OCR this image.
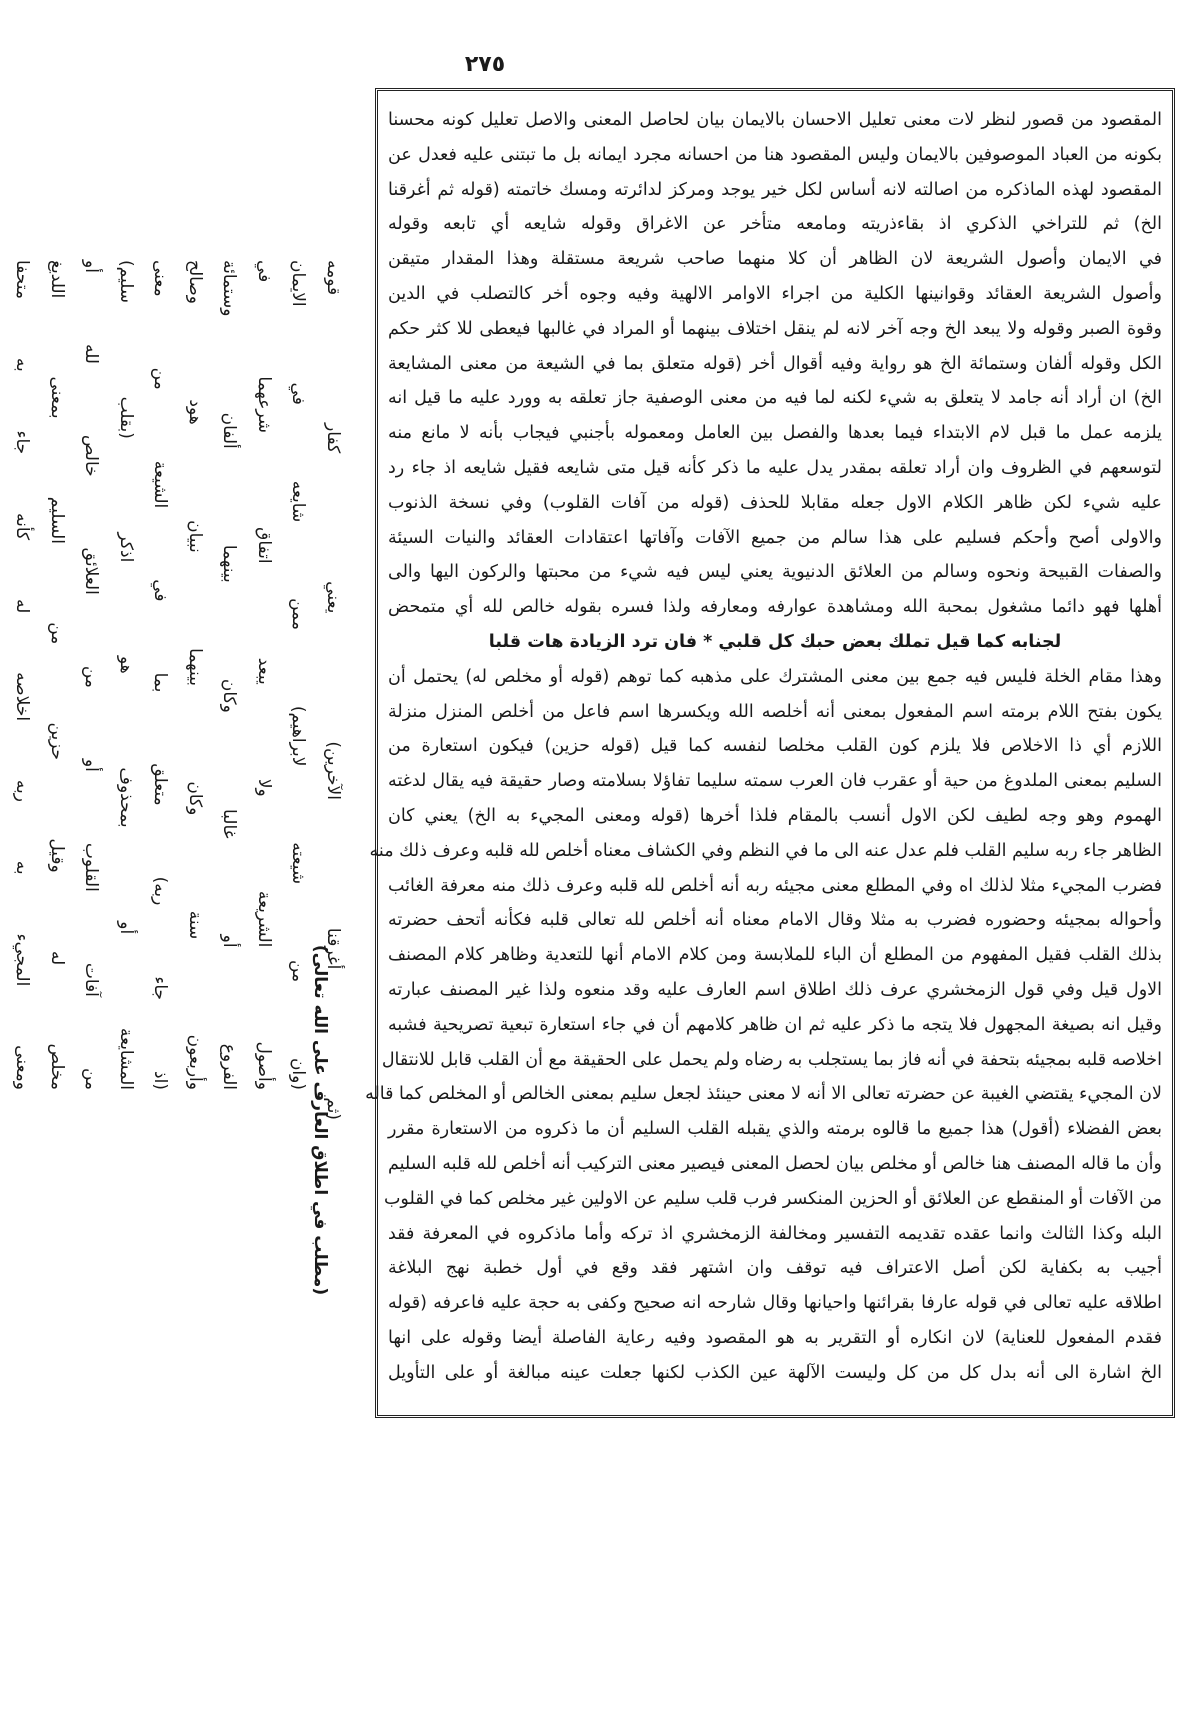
٢٧٥
المقصود من قصور لنظر لات معنى تعليل الاحسان بالايمان بيان لحاصل المعنى والاصل تعليل كونه محسنا
بكونه من العباد الموصوفين بالايمان وليس المقصود هنا من احسانه مجرد ايمانه بل ما تبتنى عليه فعدل عن
المقصود لهذه الماذكره من اصالته لانه أساس لكل خير يوجد ومركز لدائرته ومسك خاتمته (قوله ثم أغرقنا
الخ) ثم للتراخي الذكري اذ بقاءذريته ومامعه متأخر عن الاغراق وقوله شايعه أي تابعه وقوله
في الايمان وأصول الشريعة لان الظاهر أن كلا منهما صاحب شريعة مستقلة وهذا المقدار متيقن
وأصول الشريعة العقائد وقوانينها الكلية من اجراء الاوامر الالهية وفيه وجوه أخر كالتصلب في الدين
وقوة الصبر وقوله ولا يبعد الخ وجه آخر لانه لم ينقل اختلاف بينهما أو المراد في غالبها فيعطى للا كثر حكم
الكل وقوله ألفان وستمائة الخ هو رواية وفيه أقوال أخر (قوله متعلق بما في الشيعة من معنى المشايعة
الخ) ان أراد أنه جامد لا يتعلق به شيء لكنه لما فيه من معنى الوصفية جاز تعلقه به وورد عليه ما قيل انه
يلزمه عمل ما قبل لام الابتداء فيما بعدها والفصل بين العامل ومعموله بأجنبي فيجاب بأنه لا مانع منه
لتوسعهم في الظروف وان أراد تعلقه بمقدر يدل عليه ما ذكر كأنه قيل متى شايعه فقيل شايعه اذ جاء رد
عليه شيء لكن ظاهر الكلام الاول جعله مقابلا للحذف (قوله من آفات القلوب) وفي نسخة الذنوب
والاولى أصح وأحكم فسليم على هذا سالم من جميع الآفات وآفاتها اعتقادات العقائد والنيات السيئة
والصفات القبيحة ونحوه وسالم من العلائق الدنيوية يعني ليس فيه شيء من محبتها والركون اليها والى
أهلها فهو دائما مشغول بمحبة الله ومشاهدة عوارفه ومعارفه ولذا فسره بقوله خالص لله أي متمحض
لجنابه كما قيل تملك بعض حبك كل قلبي * فان ترد الزيادة هات قلبا
وهذا مقام الخلة فليس فيه جمع بين معنى المشترك على مذهبه كما توهم (قوله أو مخلص له) يحتمل أن
يكون بفتح اللام برمته اسم المفعول بمعنى أنه أخلصه الله ويكسرها اسم فاعل من أخلص المنزل منزلة
اللازم أي ذا الاخلاص فلا يلزم كون القلب مخلصا لنفسه كما قيل (قوله حزين) فيكون استعارة من
السليم بمعنى الملدوغ من حية أو عقرب فان العرب سمته سليما تفاؤلا بسلامته وصار حقيقة فيه يقال لدغته
الهموم وهو وجه لطيف لكن الاول أنسب بالمقام فلذا أخرها (قوله ومعنى المجيء به الخ) يعني كان
الظاهر جاء ربه سليم القلب فلم عدل عنه الى ما في النظم وفي الكشاف معناه أخلص لله قلبه وعرف ذلك منه
فضرب المجيء مثلا لذلك اه وفي المطلع معنى مجيئه ربه أنه أخلص لله قلبه وعرف ذلك منه معرفة الغائب
وأحواله بمجيئه وحضوره فضرب به مثلا وقال الامام معناه أنه أخلص لله تعالى قلبه فكأنه أتحف حضرته
بذلك القلب فقيل المفهوم من المطلع أن الباء للملابسة ومن كلام الامام أنها للتعدية وظاهر كلام المصنف
الاول قيل وفي قول الزمخشري عرف ذلك اطلاق اسم العارف عليه وقد منعوه ولذا غير المصنف عبارته
وقيل انه بصيغة المجهول فلا يتجه ما ذكر عليه ثم ان ظاهر كلامهم أن في جاء استعارة تبعية تصريحية فشبه
اخلاصه قلبه بمجيئه بتحفة في أنه فاز بما يستجلب به رضاه ولم يحمل على الحقيقة مع أن القلب قابل للانتقال
لان المجيء يقتضي الغيبة عن حضرته تعالى الا أنه لا معنى حينئذ لجعل سليم بمعنى الخالص أو المخلص كما قاله
بعض الفضلاء (أقول) هذا جميع ما قالوه برمته والذي يقبله القلب السليم أن ما ذكروه من الاستعارة مقرر
وأن ما قاله المصنف هنا خالص أو مخلص بيان لحصل المعنى فيصير معنى التركيب أنه أخلص لله قلبه السليم
من الآفات أو المنقطع عن العلائق أو الحزين المنكسر فرب قلب سليم عن الاولين غير مخلص كما في القلوب
البله وكذا الثالث وانما عقده تقديمه التفسير ومخالفة الزمخشري اذ تركه وأما ماذكروه في المعرفة فقد
أجيب به بكفاية لكن أصل الاعتراف فيه توقف وان اشتهر فقد وقع في أول خطبة نهج البلاغة
اطلاقه عليه تعالى في قوله عارفا بقرائنها واحيانها وقال شارحه انه صحيح وكفى به حجة عليه فاعرفه (قوله
فقدم المفعول للعناية) لان انكاره أو التقرير به هو المقصود وفيه رعاية الفاصلة أيضا وقوله على انها
الخ اشارة الى أنه بدل كل من كل وليست الآلهة عين الكذب لكنها جعلت عينه مبالغة أو على التأويل
(ثم أغرقنا الآخرين) يعني كفار قومه
(وان من شيعته لابراهيم) ممن شايعه في الايمان
وأصول الشريعة ولا يبعد اتفاق شرعهما في
الفروع أو غالبا وكان بينهما ألفان وستمائة
وأربعون سنة وكان بينهما نبيان هود وصالح
(اذ جاء ربه) متعلق بما في الشيعة من معنى
المشايعة أو بمحذوف هو اذكر (بقلب سليم)
من آفات القلوب أو من العلائق خالص لله أو
مخلص له وقيل حزين من السليم بمعنى اللديغ
ومعنى المجيء به ربه اخلاصه له كأنه جاء به متحفا
(مطلب في اطلاق العارف على الله تعالى)
